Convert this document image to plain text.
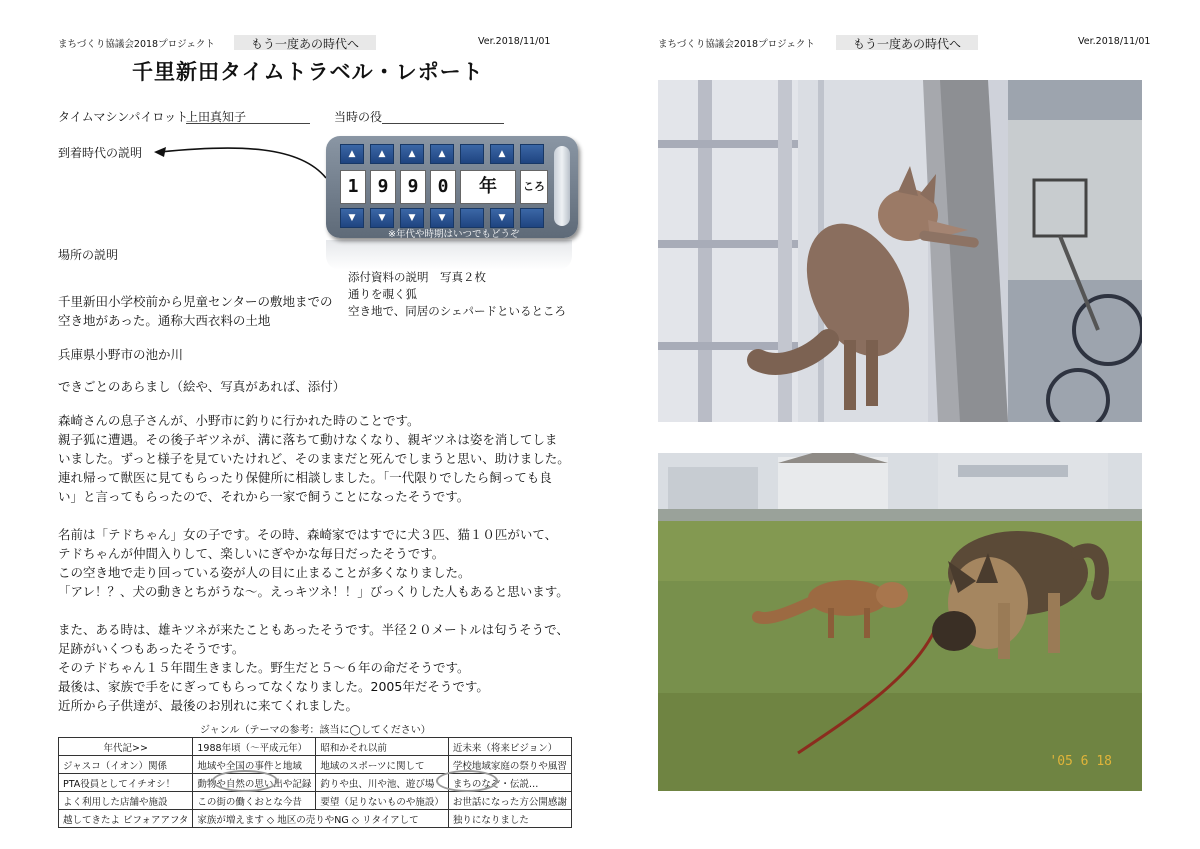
まちづくり協議会2018プロジェクト	もう一度あの時代へ	Ver.2018/11/01
千里新田タイムトラベル・レポート
タイムマシンパイロット
上田真知子	当時の役
到着時代の説明	▲	▲	▲	▲	▲
1	9	9	0	年	ころ
▼	▼	▼	▼	▼
※年代や時期はいつでもどうぞ
場所の説明
添付資料の説明　写真２枚
通りを覗く狐
空き地で、同居のシェパードといるところ
千里新田小学校前から児童センターの敷地までの
空き地があった。通称大西衣料の土地
兵庫県小野市の池か川
できごとのあらまし（絵や、写真があれば、添付）
森崎さんの息子さんが、小野市に釣りに行かれた時のことです。
親子狐に遭遇。その後子ギツネが、溝に落ちて動けなくなり、親ギツネは姿を消してしま
いました。ずっと様子を見ていたけれど、そのままだと死んでしまうと思い、助けました。
連れ帰って獣医に見てもらったり保健所に相談しました。「一代限りでしたら飼っても良
い」と言ってもらったので、それから一家で飼うことになったそうです。
名前は「テドちゃん」女の子です。その時、森崎家ではすでに犬３匹、猫１０匹がいて、
テドちゃんが仲間入りして、楽しいにぎやかな毎日だったそうです。
この空き地で走り回っている姿が人の目に止まることが多くなりました。
「アレ！？、犬の動きとちがうな〜。えっキツネ！！」びっくりした人もあると思います。
また、ある時は、雄キツネが来たこともあったそうです。半径２０メートルは匂うそうで、
足跡がいくつもあったそうです。
そのテドちゃん１５年間生きました。野生だと５〜６年の命だそうです。
最後は、家族で手をにぎってもらってなくなりました。2005年だそうです。
近所から子供達が、最後のお別れに来てくれました。
ジャンル（テーマの参考：該当に◯してください）
年代記>>	1988年頃（〜平成元年）	昭和かそれ以前	近未来（将来ビジョン）
ジャスコ（イオン）関係	地域や全国の事件と地域	地域のスポーツに関して	学校地域家庭の祭りや風習
PTA役員としてイチオシ！	動物や自然の思い出や記録	釣りや虫、川や池、遊び場	まちのなぞ・伝説…
よく利用した店舗や施設	この街の働くおとな今昔	要望（足りないものや施設）	お世話になった方公開感謝
越してきたよ ビフォアアフタ	家族が増えます ◇ 地区の売りやNG ◇ リタイアして		独りになりました
まちづくり協議会2018プロジェクト	もう一度あの時代へ	Ver.2018/11/01
'05 6 18
